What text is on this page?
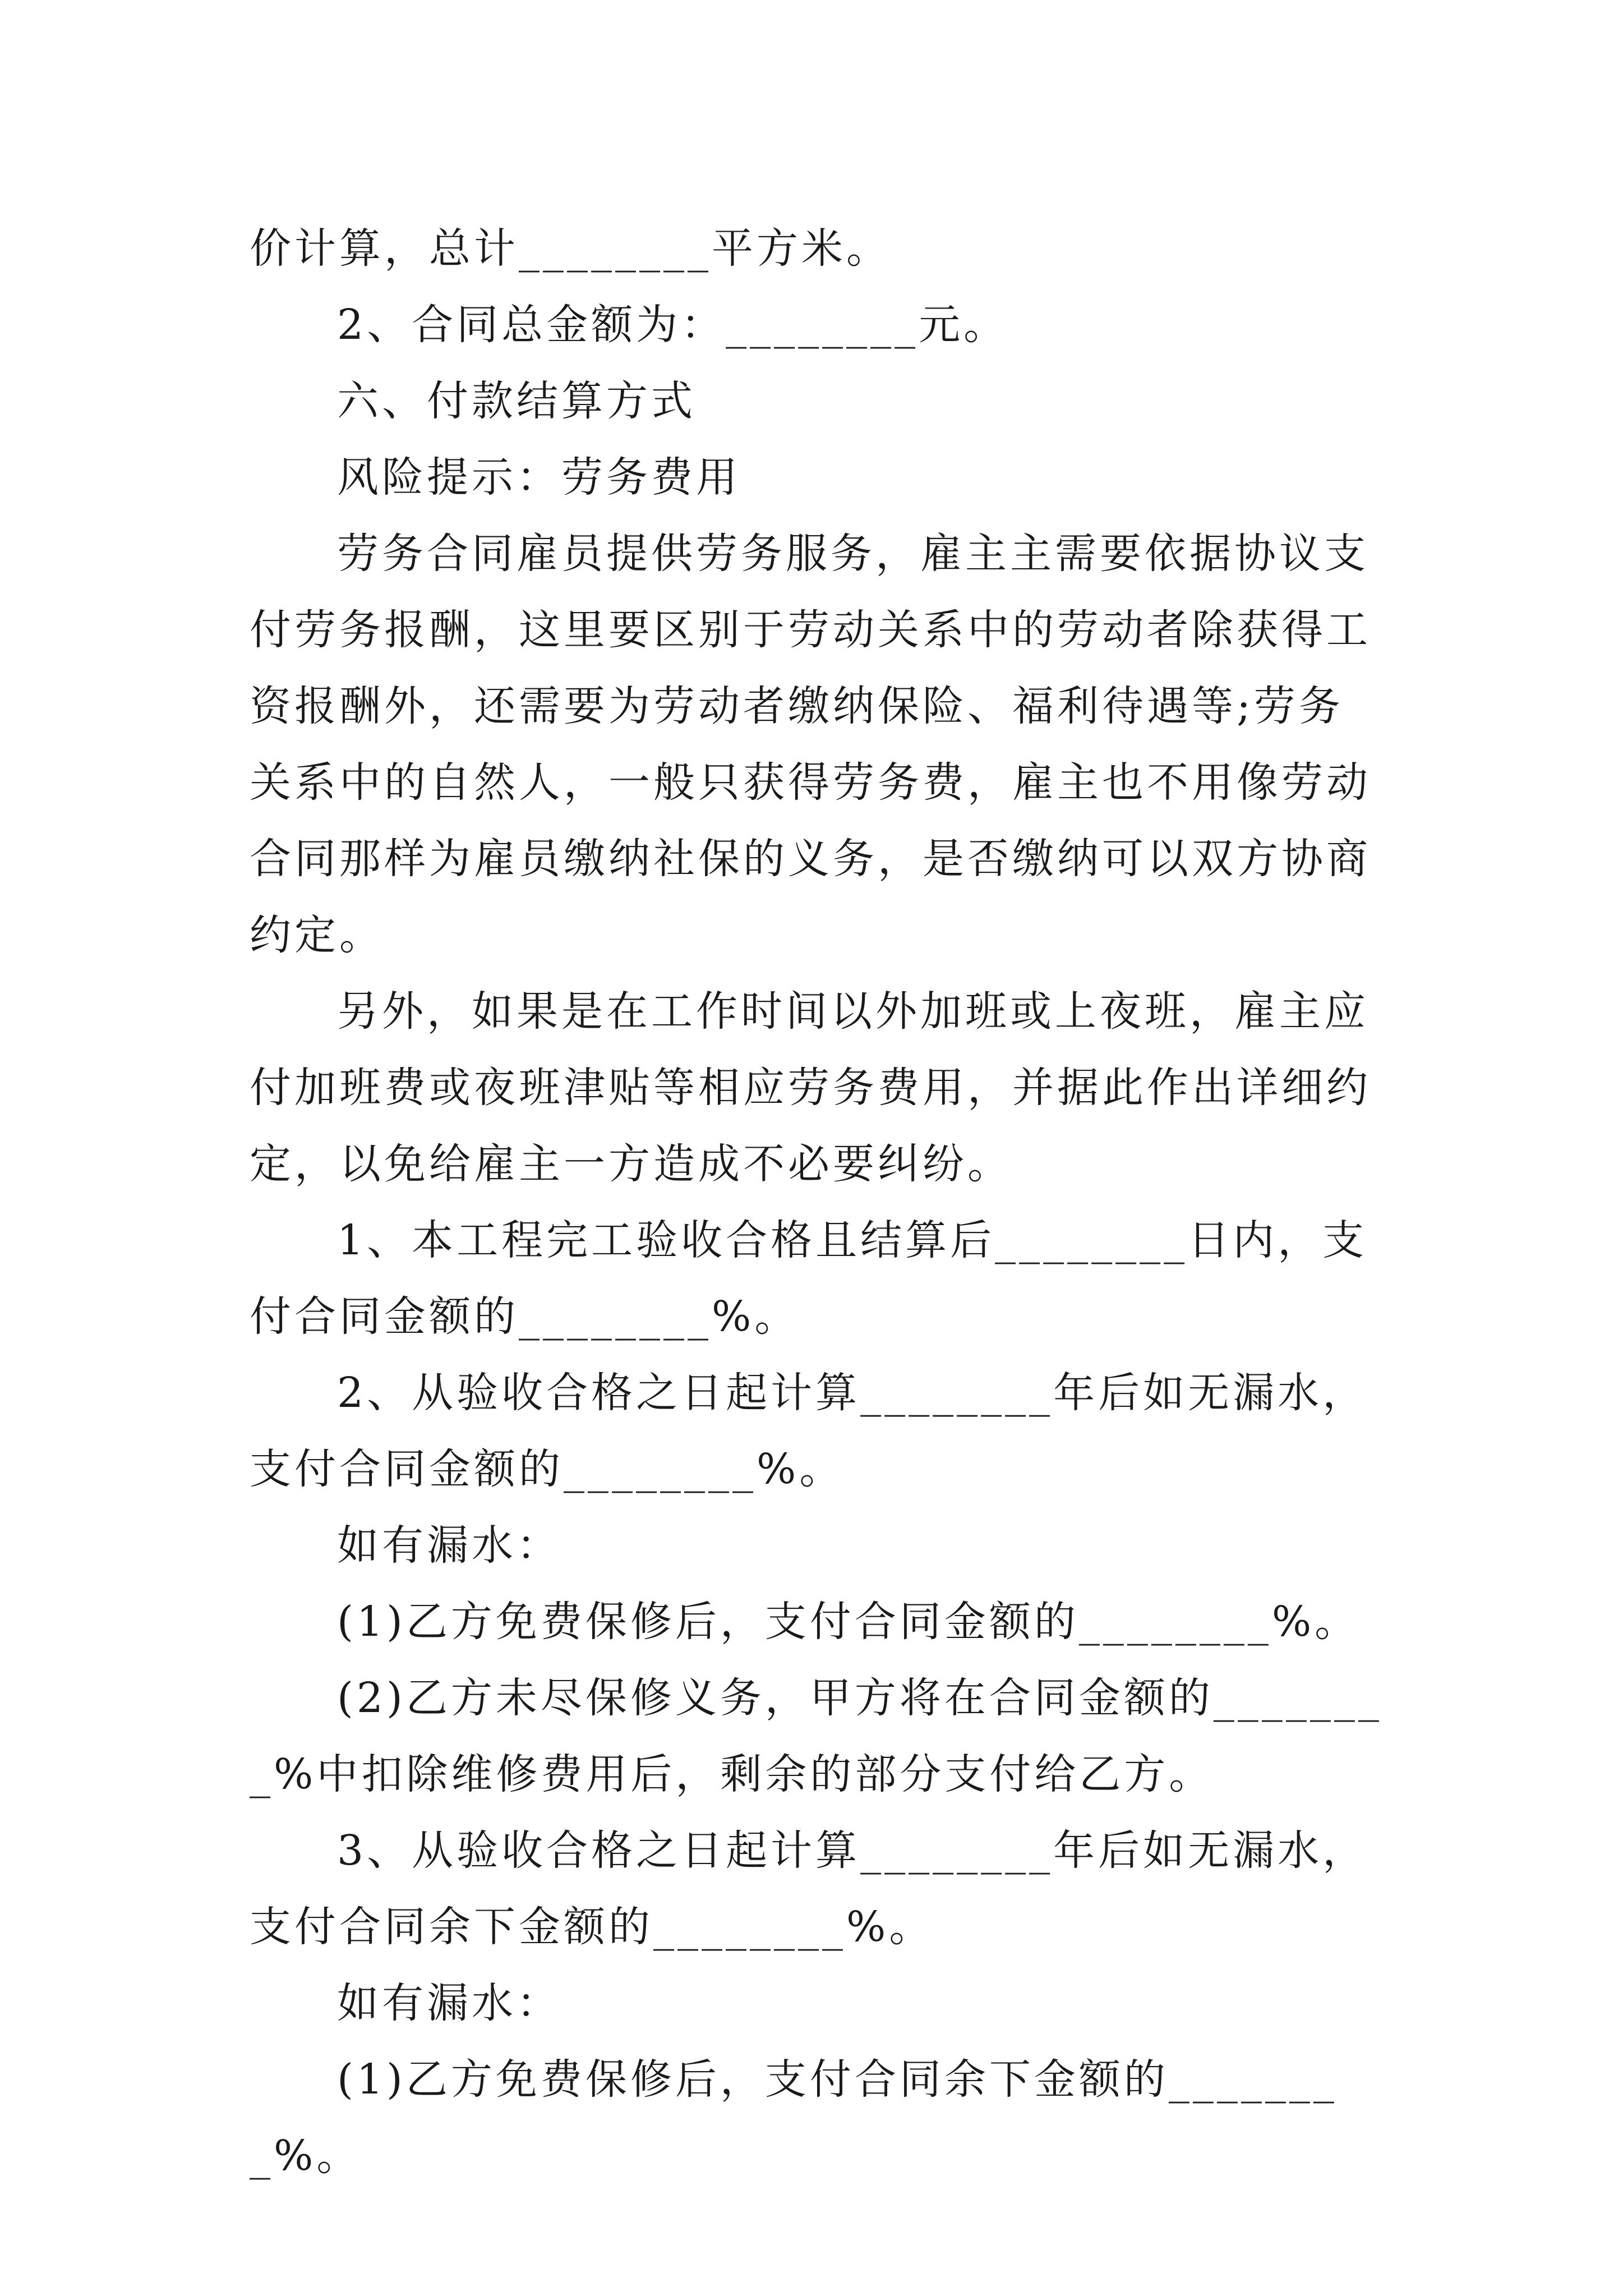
价计算，总计________平方米。

2、合同总金额为：________元。

六、付款结算方式

风险提示：劳务费用

劳务合同雇员提供劳务服务，雇主主需要依据协议支付劳务报酬，这里要区别于劳动关系中的劳动者除获得工资报酬外，还需要为劳动者缴纳保险、福利待遇等;劳务关系中的自然人，一般只获得劳务费，雇主也不用像劳动合同那样为雇员缴纳社保的义务，是否缴纳可以双方协商约定。

另外，如果是在工作时间以外加班或上夜班，雇主应付加班费或夜班津贴等相应劳务费用，并据此作出详细约定，以免给雇主一方造成不必要纠纷。

1、本工程完工验收合格且结算后________日内，支付合同金额的________%。

2、从验收合格之日起计算________年后如无漏水，支付合同金额的________%。

如有漏水：

(1)乙方免费保修后，支付合同金额的________%。

(2)乙方未尽保修义务，甲方将在合同金额的________%中扣除维修费用后，剩余的部分支付给乙方。

3、从验收合格之日起计算________年后如无漏水，支付合同余下金额的________%。

如有漏水：

(1)乙方免费保修后，支付合同余下金额的________%。
